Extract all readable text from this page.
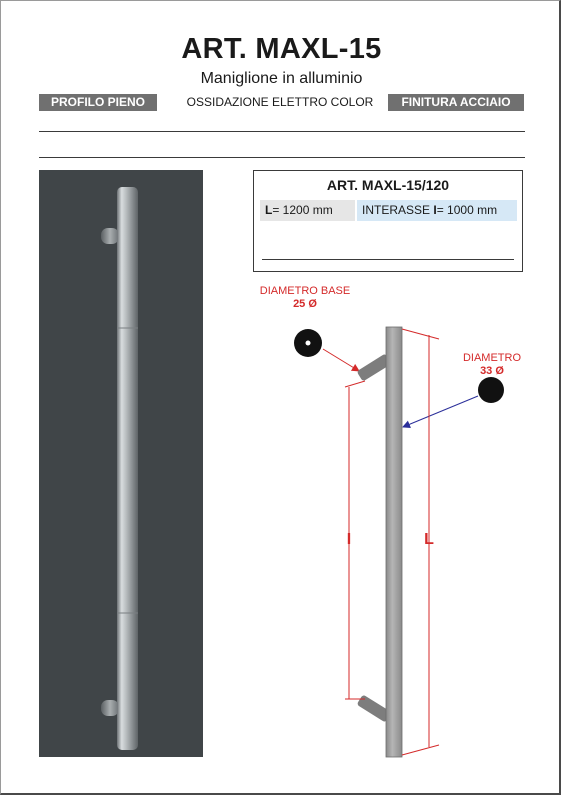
ART. MAXL-15
Maniglione in alluminio
PROFILO PIENO	OSSIDAZIONE ELETTRO COLOR	FINITURA ACCIAIO
ART. MAXL-15/120
L= 1200 mm	INTERASSE I= 1000 mm
DIAMETRO BASE
25 Ø
DIAMETRO
33 Ø
I	L
